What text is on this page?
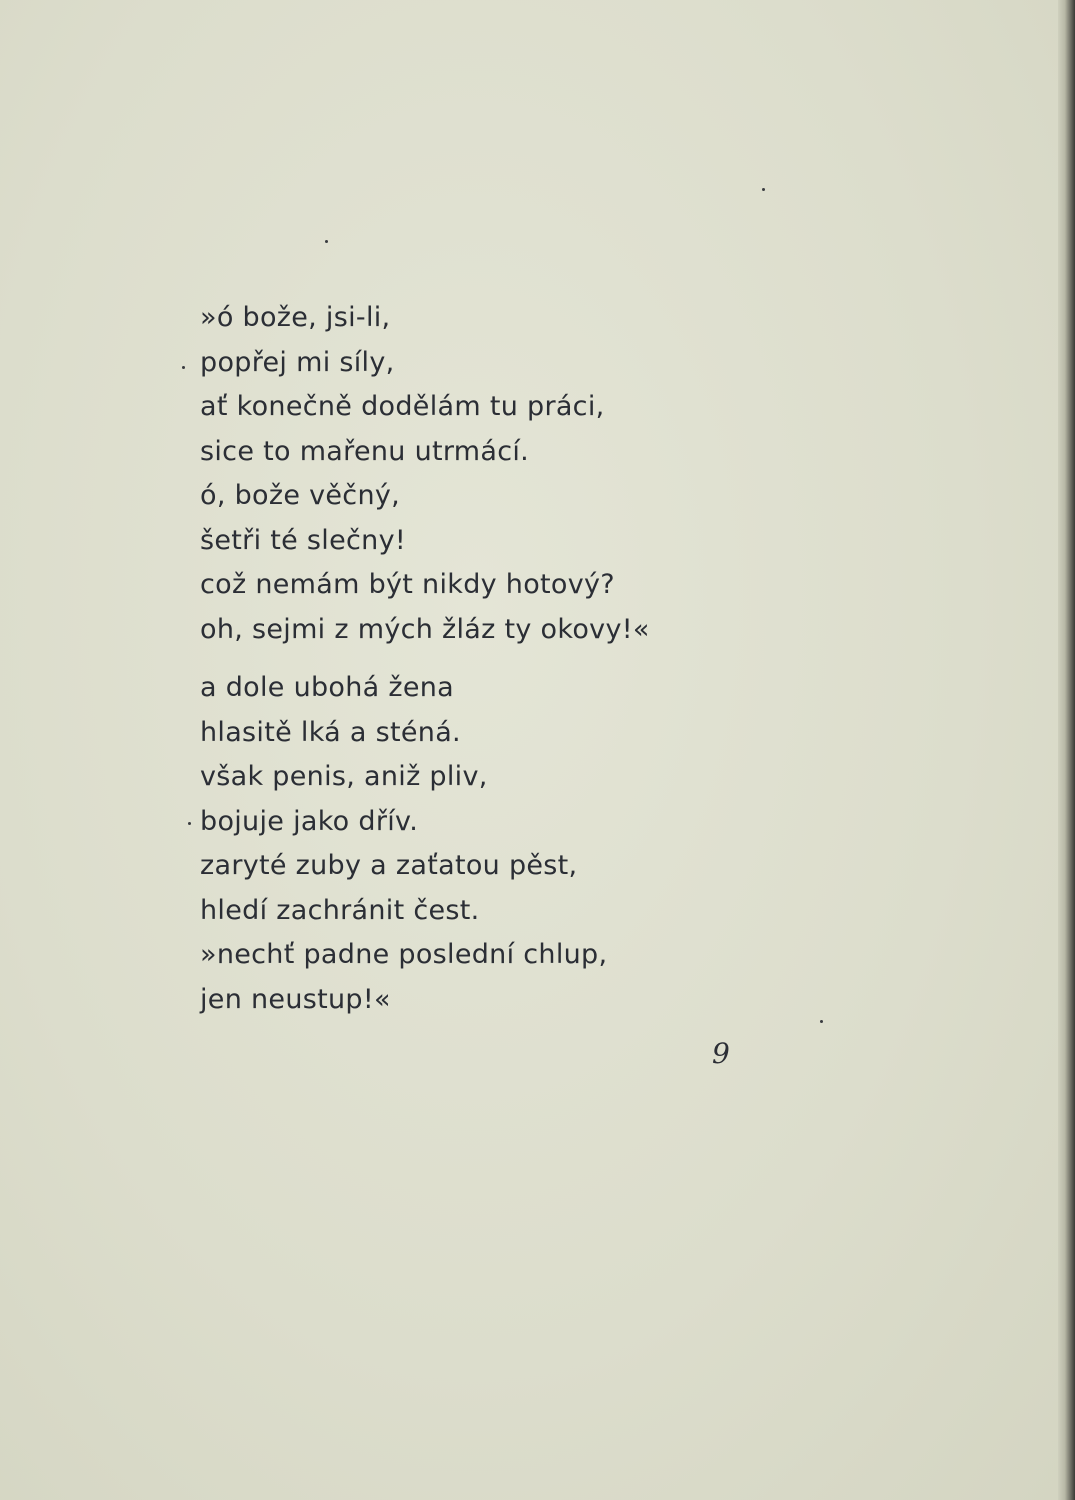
»ó bože, jsi-li,
popřej mi síly,
ať konečně dodělám tu práci,
sice to mařenu utrmácí.
ó, bože věčný,
šetři té slečny!
což nemám být nikdy hotový?
oh, sejmi z mých žláz ty okovy!«
a dole ubohá žena
hlasitě lká a sténá.
však penis, aniž pliv,
bojuje jako dřív.
zaryté zuby a zaťatou pěst,
hledí zachránit čest.
»nechť padne poslední chlup,
jen neustup!«
9
